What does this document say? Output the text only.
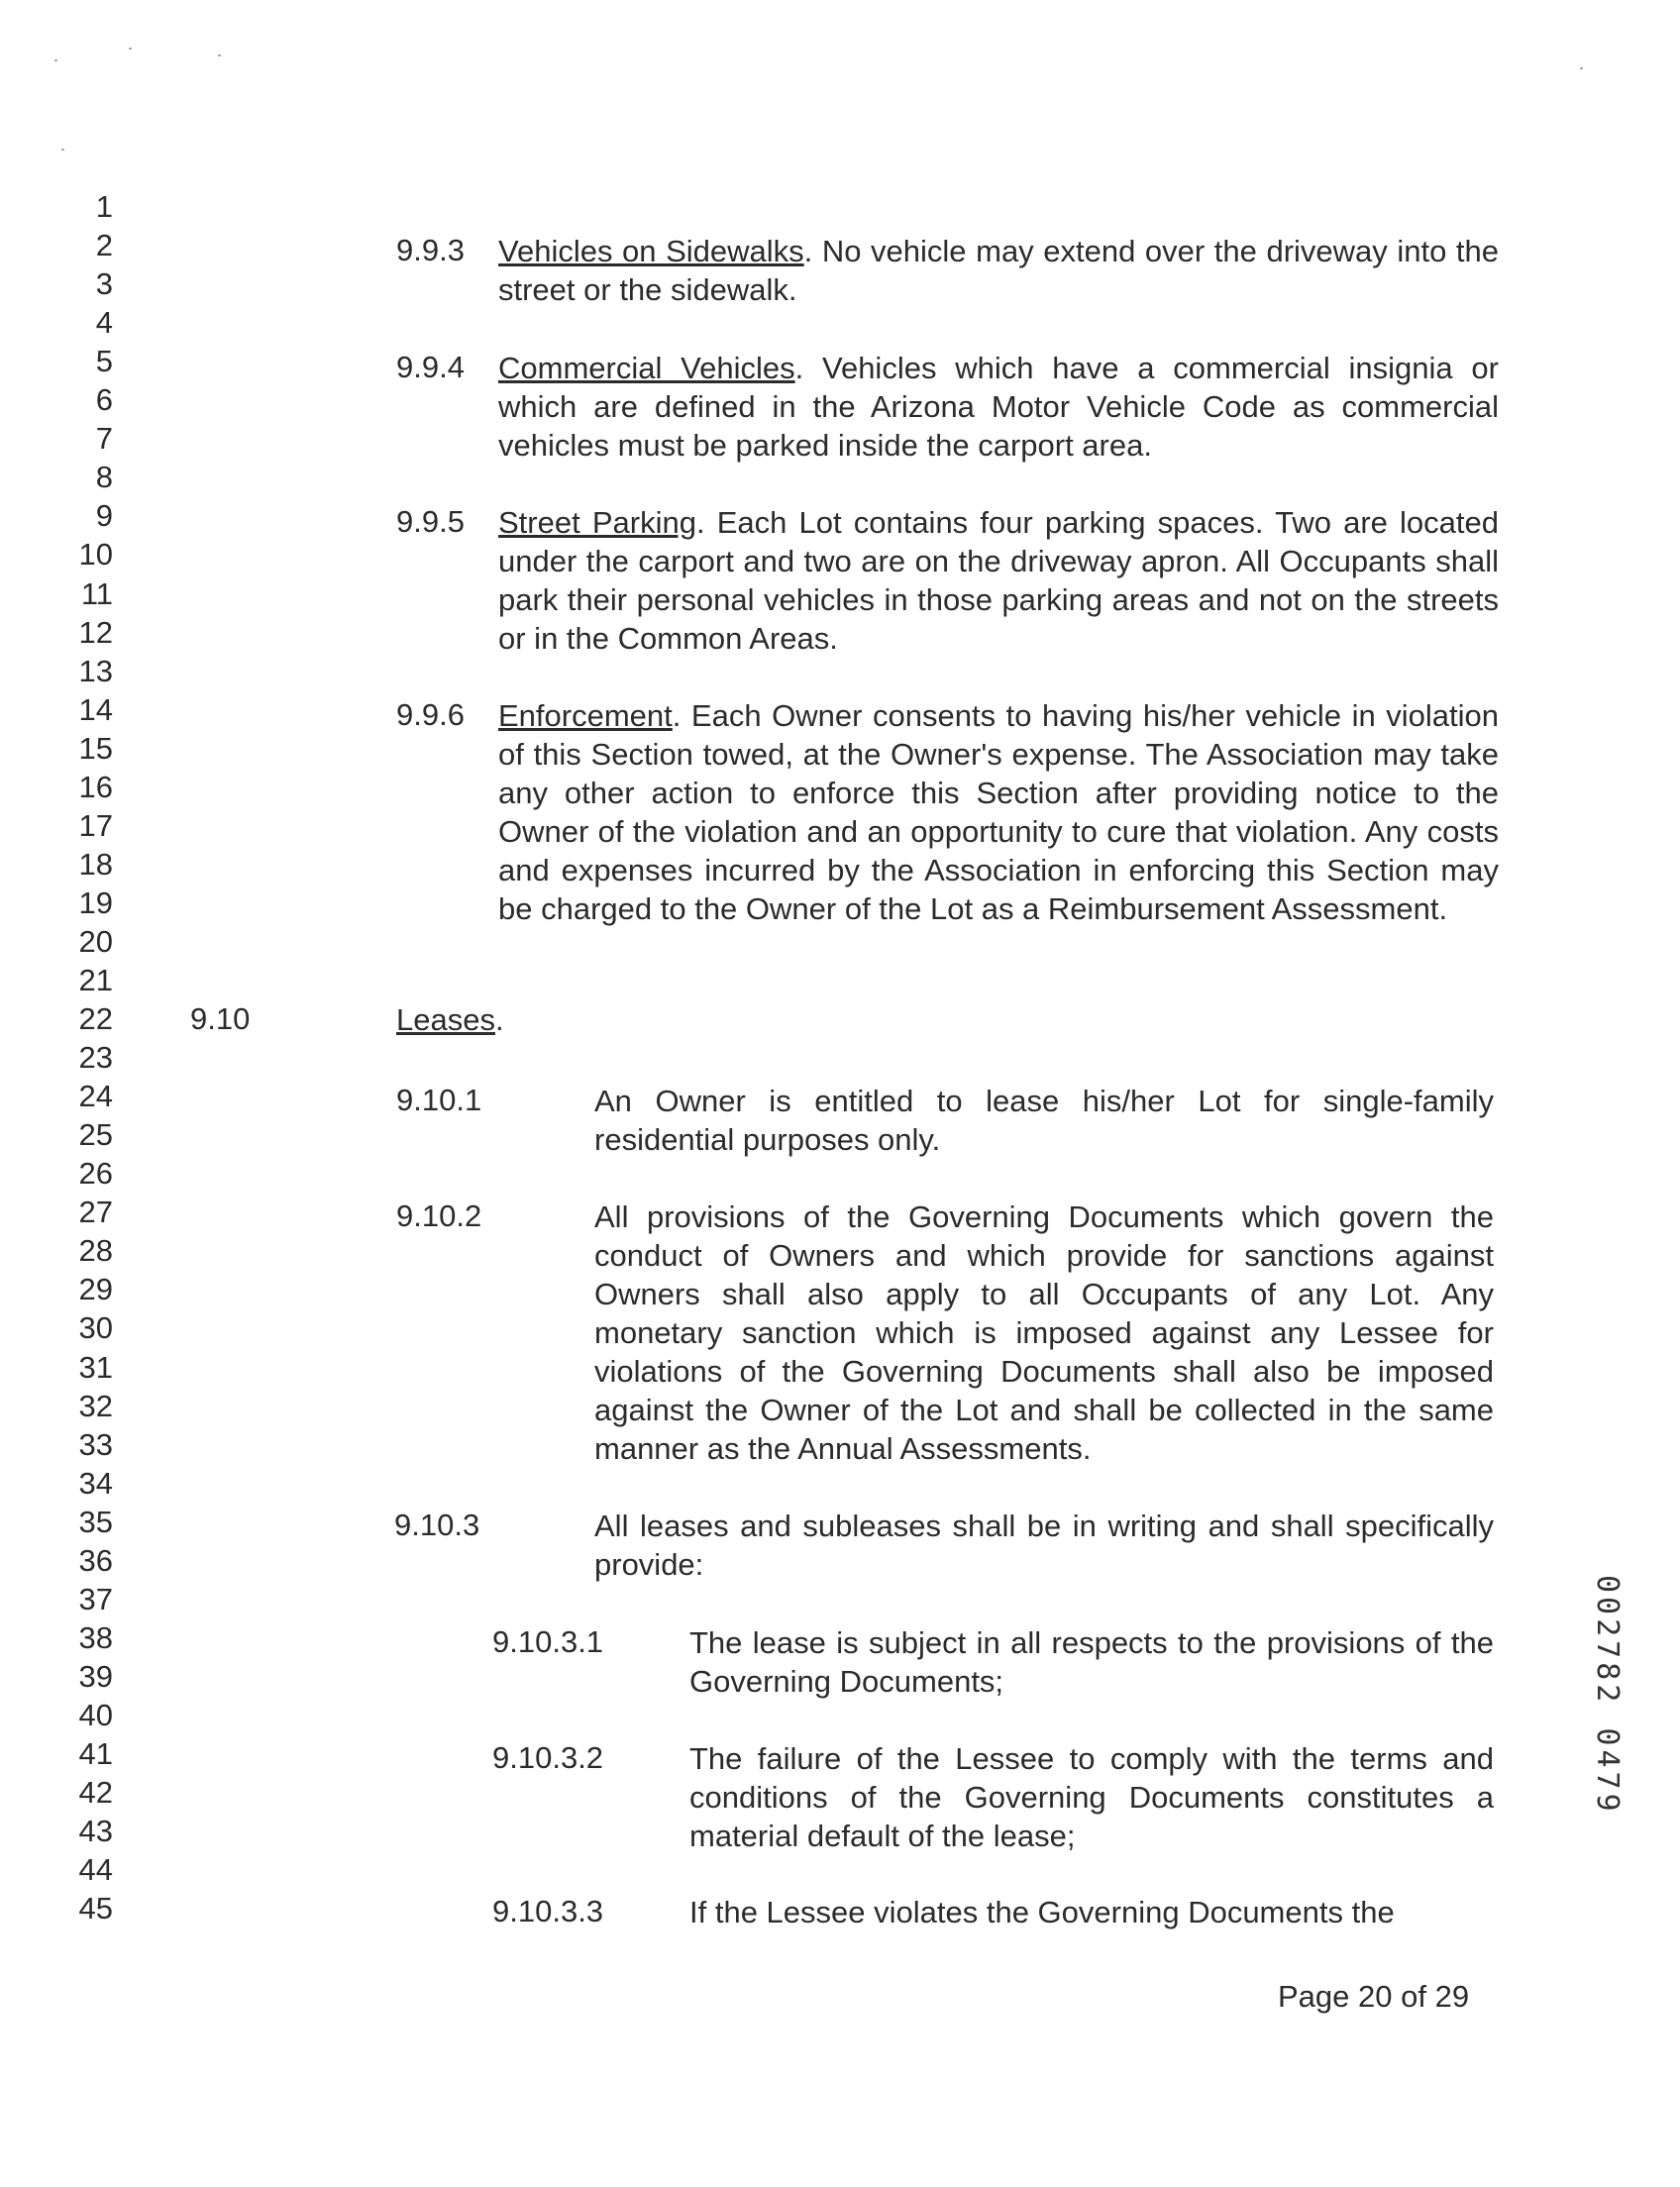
1
2
3
4
5
6
7
8
9
10
11
12
13
14
15
16
17
18
19
20
21
22
23
24
25
26
27
28
29
30
31
32
33
34
35
36
37
38
39
40
41
42
43
44
45
9.9.3 Vehicles on Sidewalks. No vehicle may extend over the driveway into the street or the sidewalk.
9.9.4 Commercial Vehicles. Vehicles which have a commercial insignia or which are defined in the Arizona Motor Vehicle Code as commercial vehicles must be parked inside the carport area.
9.9.5 Street Parking. Each Lot contains four parking spaces. Two are located under the carport and two are on the driveway apron. All Occupants shall park their personal vehicles in those parking areas and not on the streets or in the Common Areas.
9.9.6 Enforcement. Each Owner consents to having his/her vehicle in violation of this Section towed, at the Owner's expense. The Association may take any other action to enforce this Section after providing notice to the Owner of the violation and an opportunity to cure that violation. Any costs and expenses incurred by the Association in enforcing this Section may be charged to the Owner of the Lot as a Reimbursement Assessment.
9.10	Leases.
9.10.1	An Owner is entitled to lease his/her Lot for single-family residential purposes only.
9.10.2	All provisions of the Governing Documents which govern the conduct of Owners and which provide for sanctions against Owners shall also apply to all Occupants of any Lot. Any monetary sanction which is imposed against any Lessee for violations of the Governing Documents shall also be imposed against the Owner of the Lot and shall be collected in the same manner as the Annual Assessments.
9.10.3	All leases and subleases shall be in writing and shall specifically provide:
9.10.3.1	The lease is subject in all respects to the provisions of the Governing Documents;
9.10.3.2	The failure of the Lessee to comply with the terms and conditions of the Governing Documents constitutes a material default of the lease;
9.10.3.3	If the Lessee violates the Governing Documents the
Page 20 of 29
002782 0479
